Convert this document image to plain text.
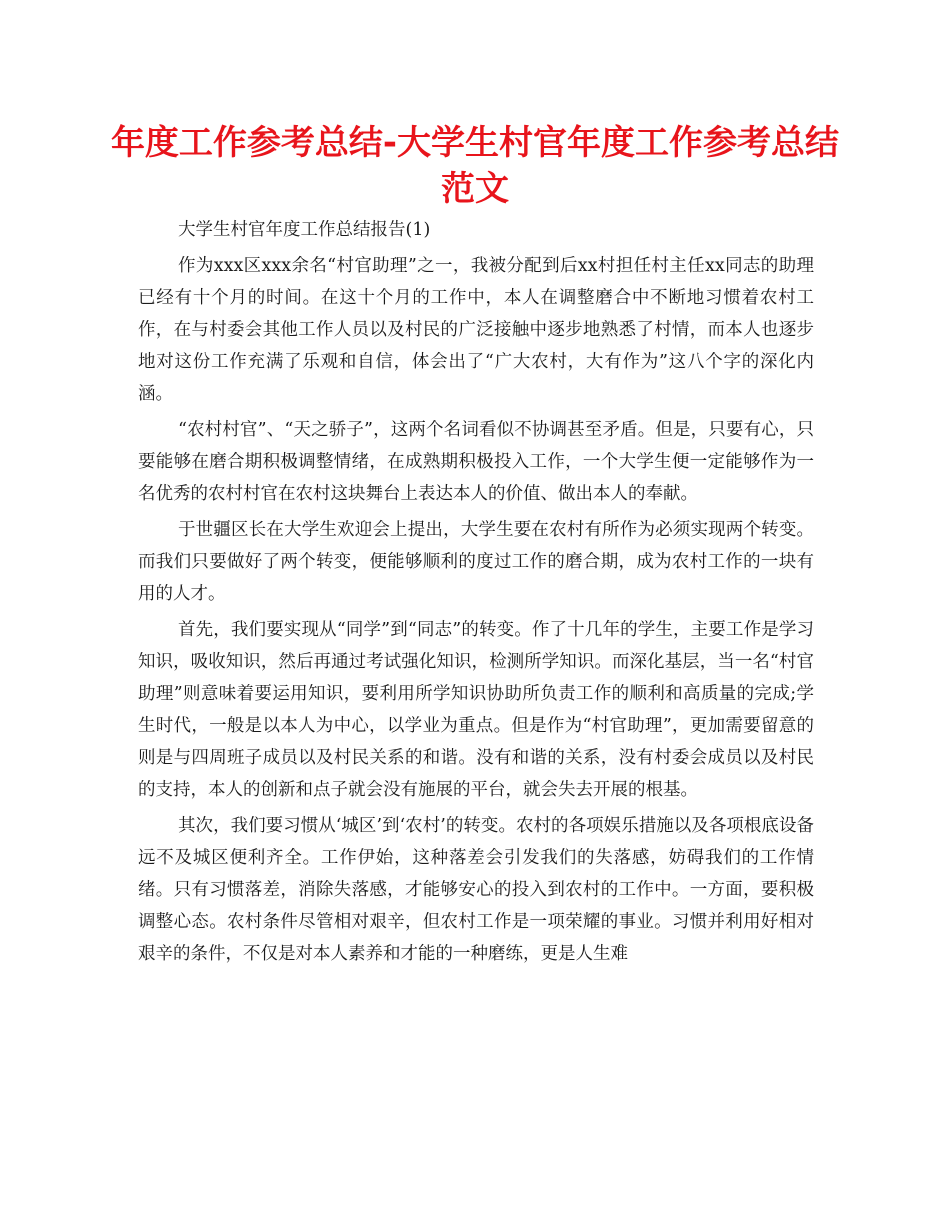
年度工作参考总结-大学生村官年度工作参考总结范文

大学生村官年度工作总结报告(1)

作为xxx区xxx余名“村官助理”之一，我被分配到后xx村担任村主任xx同志的助理已经有十个月的时间。在这十个月的工作中，本人在调整磨合中不断地习惯着农村工作，在与村委会其他工作人员以及村民的广泛接触中逐步地熟悉了村情，而本人也逐步地对这份工作充满了乐观和自信，体会出了“广大农村，大有作为”这八个字的深化内涵。

“农村村官”、“天之骄子”，这两个名词看似不协调甚至矛盾。但是，只要有心，只要能够在磨合期积极调整情绪，在成熟期积极投入工作，一个大学生便一定能够作为一名优秀的农村村官在农村这块舞台上表达本人的价值、做出本人的奉献。

于世疆区长在大学生欢迎会上提出，大学生要在农村有所作为必须实现两个转变。而我们只要做好了两个转变，便能够顺利的度过工作的磨合期，成为农村工作的一块有用的人才。

首先，我们要实现从“同学”到“同志”的转变。作了十几年的学生，主要工作是学习知识，吸收知识，然后再通过考试强化知识，检测所学知识。而深化基层，当一名“村官助理”则意味着要运用知识，要利用所学知识协助所负责工作的顺利和高质量的完成;学生时代，一般是以本人为中心，以学业为重点。但是作为“村官助理”，更加需要留意的则是与四周班子成员以及村民关系的和谐。没有和谐的关系，没有村委会成员以及村民的支持，本人的创新和点子就会没有施展的平台，就会失去开展的根基。

其次，我们要习惯从‘城区’到‘农村’的转变。农村的各项娱乐措施以及各项根底设备远不及城区便利齐全。工作伊始，这种落差会引发我们的失落感，妨碍我们的工作情绪。只有习惯落差，消除失落感，才能够安心的投入到农村的工作中。一方面，要积极调整心态。农村条件尽管相对艰辛，但农村工作是一项荣耀的事业。习惯并利用好相对艰辛的条件，不仅是对本人素养和才能的一种磨练，更是人生难
